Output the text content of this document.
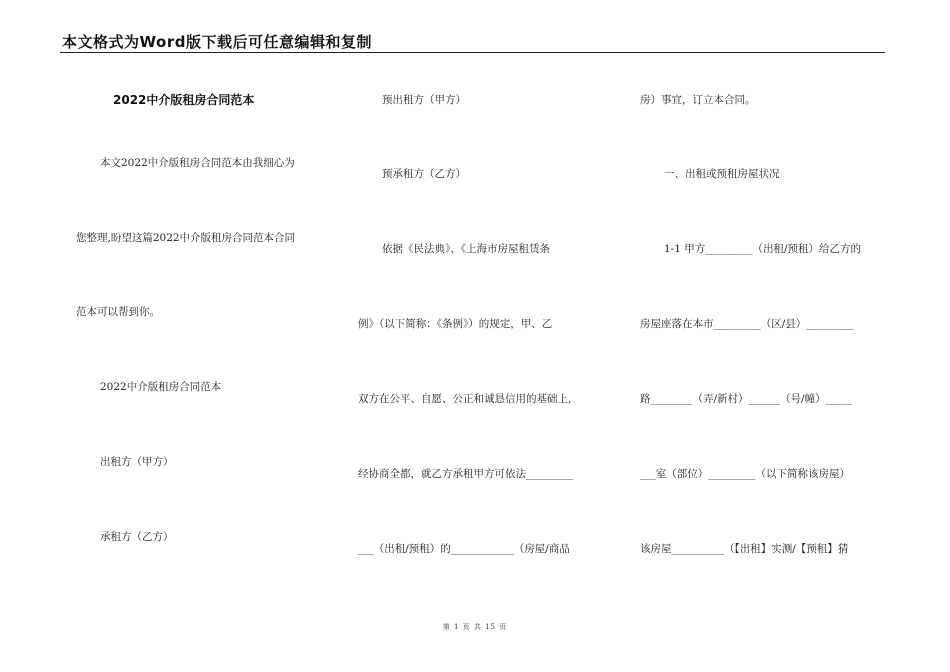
本文格式为Word版下载后可任意编辑和复制
2022中介版租房合同范本
本文2022中介版租房合同范本由我细心为
您整理,盼望这篇2022中介版租房合同范本合同
范本可以帮到你。
2022中介版租房合同范本
出租方（甲方）
承租方（乙方）
预出租方（甲方）
预承租方（乙方）
依据《民法典》、《上海市房屋租赁条
例》（以下简称：《条例》）的规定，甲、乙
双方在公平、自愿、公正和诚恳信用的基础上,
经协商全都，就乙方承租甲方可依法_________
___（出租/预租）的____________（房屋/商品
房）事宜，订立本合同。
一、出租或预租房屋状况
1-1 甲方_________（出租/预租）给乙方的
房屋座落在本市_________（区/县）_________
路________（弄/新村）______（号/幢）_____
___室（部位）_________（以下简称该房屋）
该房屋__________（【出租】实测/【预租】猜
第 1 页 共 15 页
